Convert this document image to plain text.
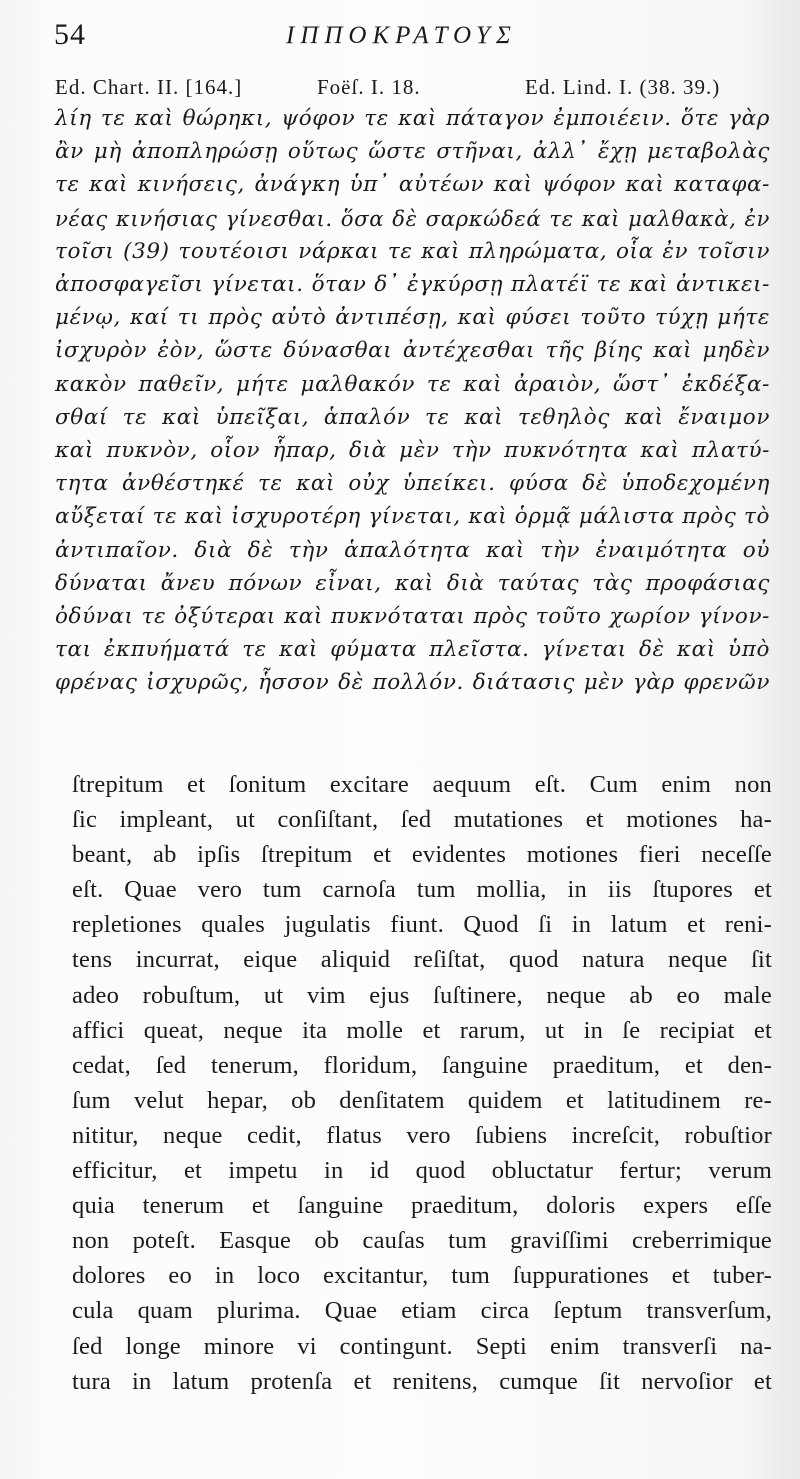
54	ΙΠΠΟΚΡΑΤΟΥΣ
Ed. Chart. II. [164.]	Foëſ. I. 18.	Ed. Lind. I. (38. 39.)
λίη τε καὶ θώρηκι, ψόφον τε καὶ πάταγον ἐμποιέειν. ὅτε γὰρ
ἂν μὴ ἀποπληρώσῃ οὕτως ὥστε στῆναι, ἀλλ᾽ ἔχῃ μεταβολὰς
τε καὶ κινήσεις, ἀνάγκη ὑπ᾽ αὐτέων καὶ ψόφον καὶ καταφα-
νέας κινήσιας γίνεσθαι. ὅσα δὲ σαρκώδεά τε καὶ μαλθακὰ, ἐν
τοῖσι (39) τουτέοισι νάρκαι τε καὶ πληρώματα, οἷα ἐν τοῖσιν
ἀποσφαγεῖσι γίνεται. ὅταν δ᾽ ἐγκύρσῃ πλατέϊ τε καὶ ἀντικει-
μένῳ, καί τι πρὸς αὐτὸ ἀντιπέσῃ, καὶ φύσει τοῦτο τύχῃ μήτε
ἰσχυρὸν ἐὸν, ὥστε δύνασθαι ἀντέχεσθαι τῆς βίης καὶ μηδὲν
κακὸν παθεῖν, μήτε μαλθακόν τε καὶ ἀραιὸν, ὥστ᾽ ἐκδέξα-
σθαί τε καὶ ὑπεῖξαι, ἁπαλόν τε καὶ τεθηλὸς καὶ ἔναιμον
καὶ πυκνὸν, οἷον ἧπαρ, διὰ μὲν τὴν πυκνότητα καὶ πλατύ-
τητα ἀνθέστηκέ τε καὶ οὐχ ὑπείκει. φύσα δὲ ὑποδεχομένη
αὔξεταί τε καὶ ἰσχυροτέρη γίνεται, καὶ ὁρμᾷ μάλιστα πρὸς τὸ
ἀντιπαῖον. διὰ δὲ τὴν ἁπαλότητα καὶ τὴν ἐναιμότητα οὐ
δύναται ἄνευ πόνων εἶναι, καὶ διὰ ταύτας τὰς προφάσιας
ὀδύναι τε ὀξύτεραι καὶ πυκνόταται πρὸς τοῦτο χωρίον γίνον-
ται ἐκπυήματά τε καὶ φύματα πλεῖστα. γίνεται δὲ καὶ ὑπὸ
φρένας ἰσχυρῶς, ἧσσον δὲ πολλόν. διάτασις μὲν γὰρ φρενῶν
ſtrepitum et ſonitum excitare aequum eſt. Cum enim non
ſic impleant, ut conſiſtant, ſed mutationes et motiones ha-
beant, ab ipſis ſtrepitum et evidentes motiones fieri neceſſe
eſt. Quae vero tum carnoſa tum mollia, in iis ſtupores et
repletiones quales jugulatis fiunt. Quod ſi in latum et reni-
tens incurrat, eique aliquid reſiſtat, quod natura neque ſit
adeo robuſtum, ut vim ejus ſuſtinere, neque ab eo male
affici queat, neque ita molle et rarum, ut in ſe recipiat et
cedat, ſed tenerum, floridum, ſanguine praeditum, et den-
ſum velut hepar, ob denſitatem quidem et latitudinem re-
nititur, neque cedit, flatus vero ſubiens increſcit, robuſtior
efficitur, et impetu in id quod obluctatur fertur; verum
quia tenerum et ſanguine praeditum, doloris expers eſſe
non poteſt. Easque ob cauſas tum graviſſimi creberrimique
dolores eo in loco excitantur, tum ſuppurationes et tuber-
cula quam plurima. Quae etiam circa ſeptum transverſum,
ſed longe minore vi contingunt. Septi enim transverſi na-
tura in latum protenſa et renitens, cumque ſit nervoſior et
